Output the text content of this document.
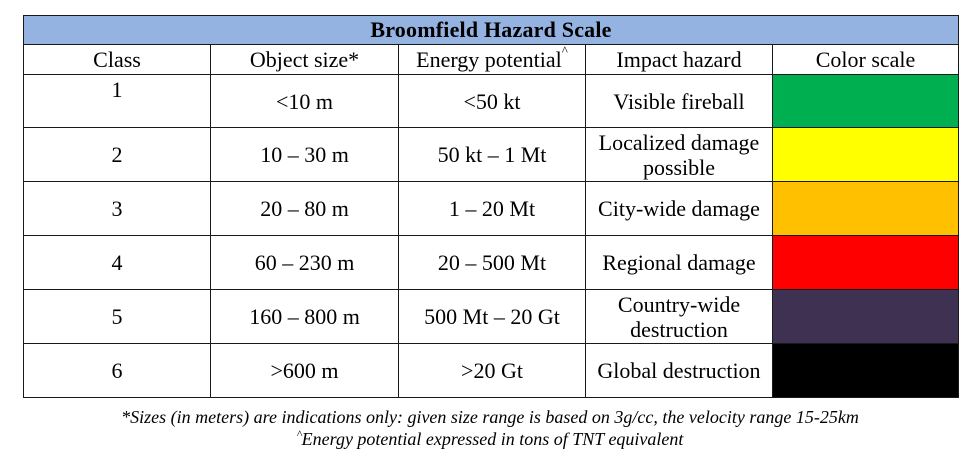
Broomfield Hazard Scale				
Class	Object size*	Energy potential^	Impact hazard	Color scale
1	<10 m	<50 kt	Visible fireball	

2	10 – 30 m	50 kt – 1 Mt	Localized damage possible	

3	20 – 80 m	1 – 20 Mt	City-wide damage	

4	60 – 230 m	20 – 500 Mt	Regional damage	

5	160 – 800 m	500 Mt – 20 Gt	Country-wide destruction	

6	>600 m	>20 Gt	Global destruction	
*Sizes (in meters) are indications only: given size range is based on 3g/cc, the velocity range 15-25km
^Energy potential expressed in tons of TNT equivalent
